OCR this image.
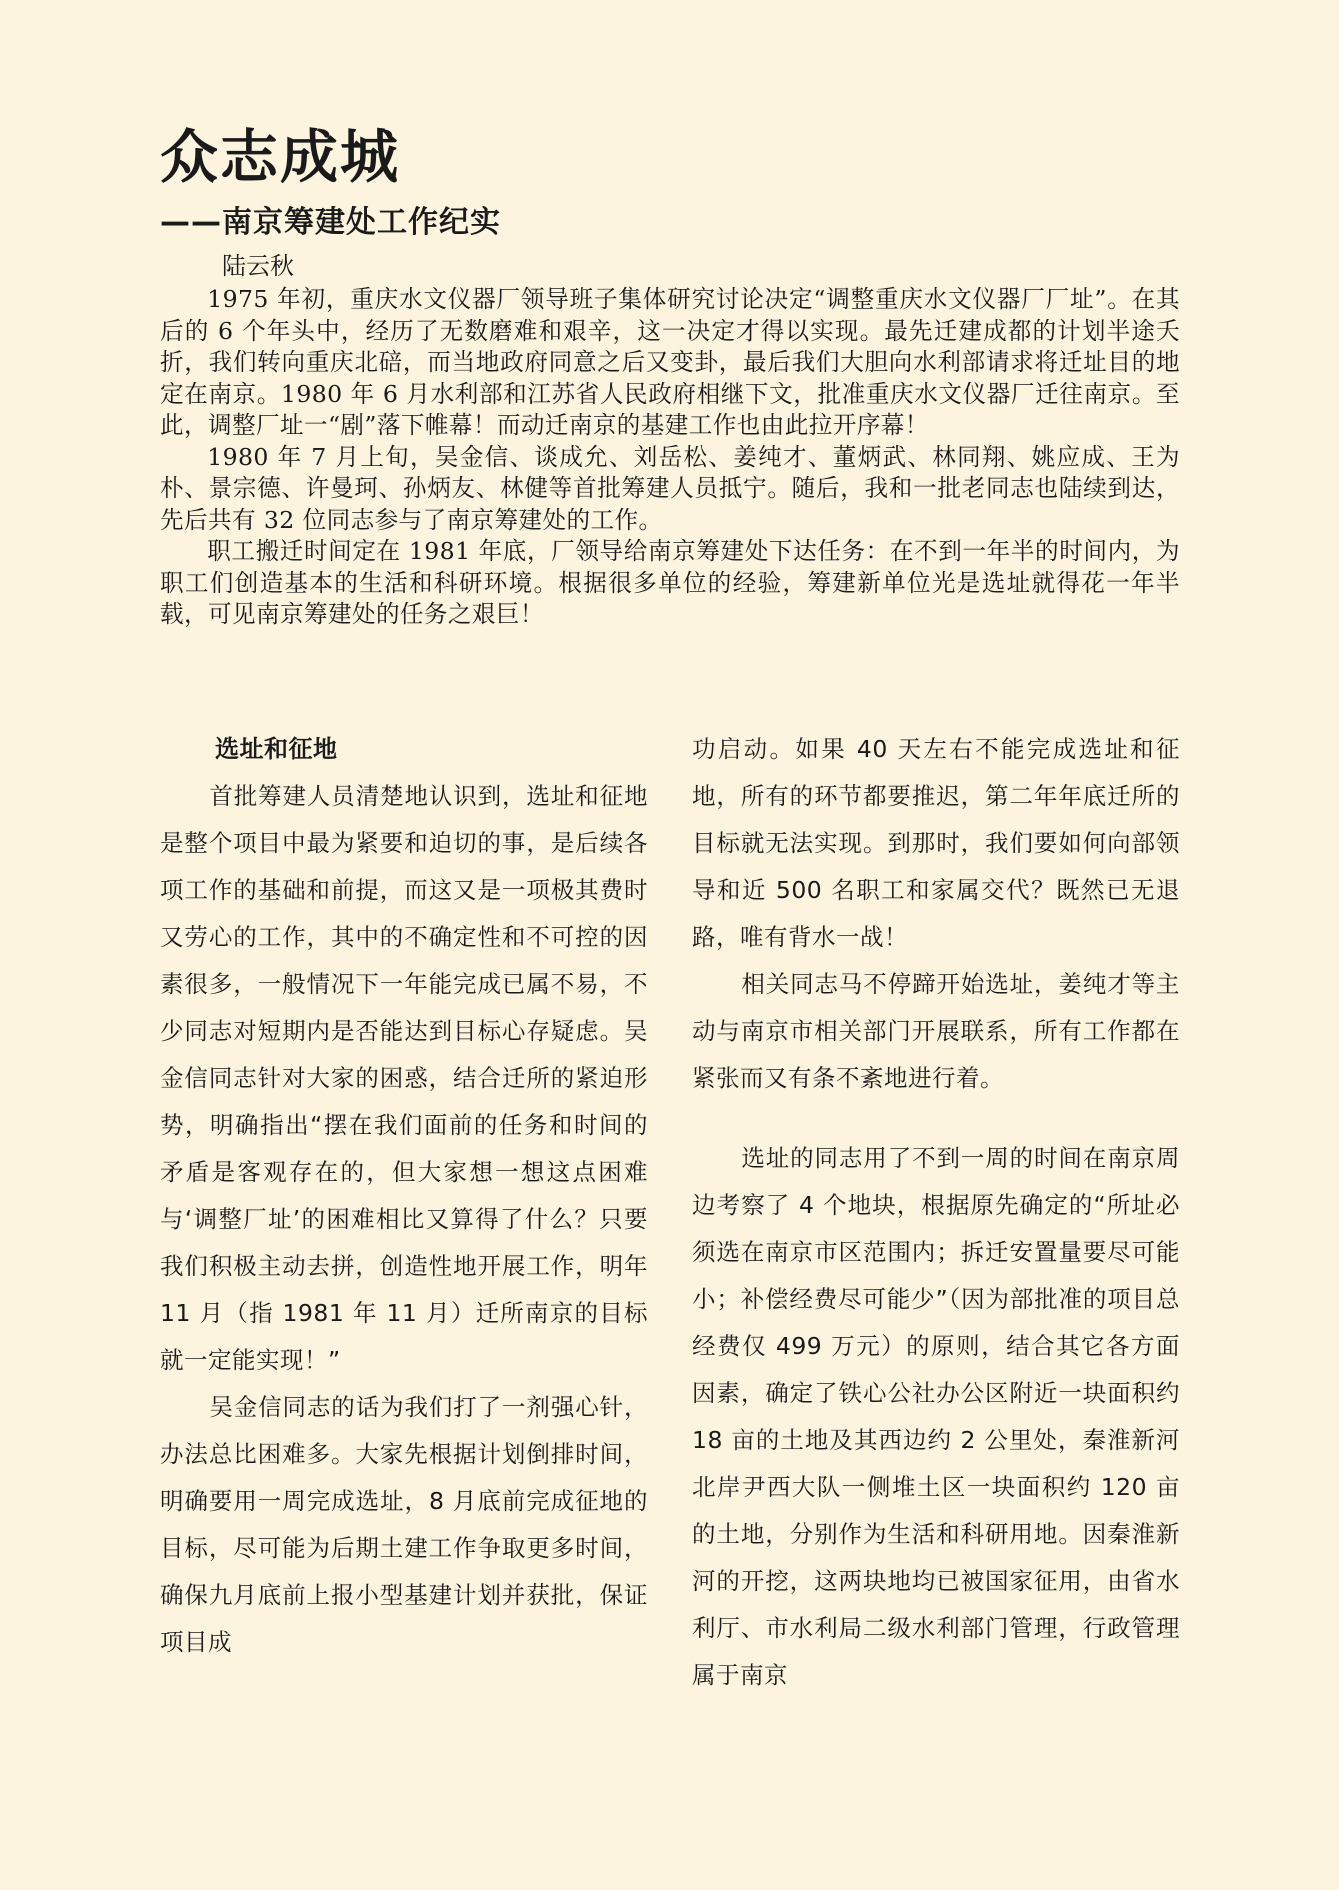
众志成城
——南京筹建处工作纪实
陆云秋

1975 年初，重庆水文仪器厂领导班子集体研究讨论决定“调整重庆水文仪器厂厂址”。在其后的 6 个年头中，经历了无数磨难和艰辛，这一决定才得以实现。最先迁建成都的计划半途夭折，我们转向重庆北碚，而当地政府同意之后又变卦，最后我们大胆向水利部请求将迁址目的地定在南京。1980 年 6 月水利部和江苏省人民政府相继下文，批准重庆水文仪器厂迁往南京。至此，调整厂址一“剧”落下帷幕！而动迁南京的基建工作也由此拉开序幕！

1980 年 7 月上旬，吴金信、谈成允、刘岳松、姜纯才、董炳武、林同翔、姚应成、王为朴、景宗德、许曼珂、孙炳友、林健等首批筹建人员抵宁。随后，我和一批老同志也陆续到达，先后共有 32 位同志参与了南京筹建处的工作。

职工搬迁时间定在 1981 年底，厂领导给南京筹建处下达任务：在不到一年半的时间内，为职工们创造基本的生活和科研环境。根据很多单位的经验，筹建新单位光是选址就得花一年半载，可见南京筹建处的任务之艰巨！

选址和征地

首批筹建人员清楚地认识到，选址和征地是整个项目中最为紧要和迫切的事，是后续各项工作的基础和前提，而这又是一项极其费时又劳心的工作，其中的不确定性和不可控的因素很多，一般情况下一年能完成已属不易，不少同志对短期内是否能达到目标心存疑虑。吴金信同志针对大家的困惑，结合迁所的紧迫形势，明确指出“摆在我们面前的任务和时间的矛盾是客观存在的，但大家想一想这点困难与‘调整厂址’的困难相比又算得了什么？只要我们积极主动去拼，创造性地开展工作，明年 11 月（指 1981 年 11 月）迁所南京的目标就一定能实现！”

吴金信同志的话为我们打了一剂强心针，办法总比困难多。大家先根据计划倒排时间，明确要用一周完成选址，8 月底前完成征地的目标，尽可能为后期土建工作争取更多时间，确保九月底前上报小型基建计划并获批，保证项目成

功启动。如果 40 天左右不能完成选址和征地，所有的环节都要推迟，第二年年底迁所的目标就无法实现。到那时，我们要如何向部领导和近 500 名职工和家属交代？既然已无退路，唯有背水一战！

相关同志马不停蹄开始选址，姜纯才等主动与南京市相关部门开展联系，所有工作都在紧张而又有条不紊地进行着。

选址的同志用了不到一周的时间在南京周边考察了 4 个地块，根据原先确定的“所址必须选在南京市区范围内；拆迁安置量要尽可能小；补偿经费尽可能少”（因为部批准的项目总经费仅 499 万元）的原则，结合其它各方面因素，确定了铁心公社办公区附近一块面积约 18 亩的土地及其西边约 2 公里处，秦淮新河北岸尹西大队一侧堆土区一块面积约 120 亩的土地，分别作为生活和科研用地。因秦淮新河的开挖，这两块地均已被国家征用，由省水利厅、市水利局二级水利部门管理，行政管理属于南京
